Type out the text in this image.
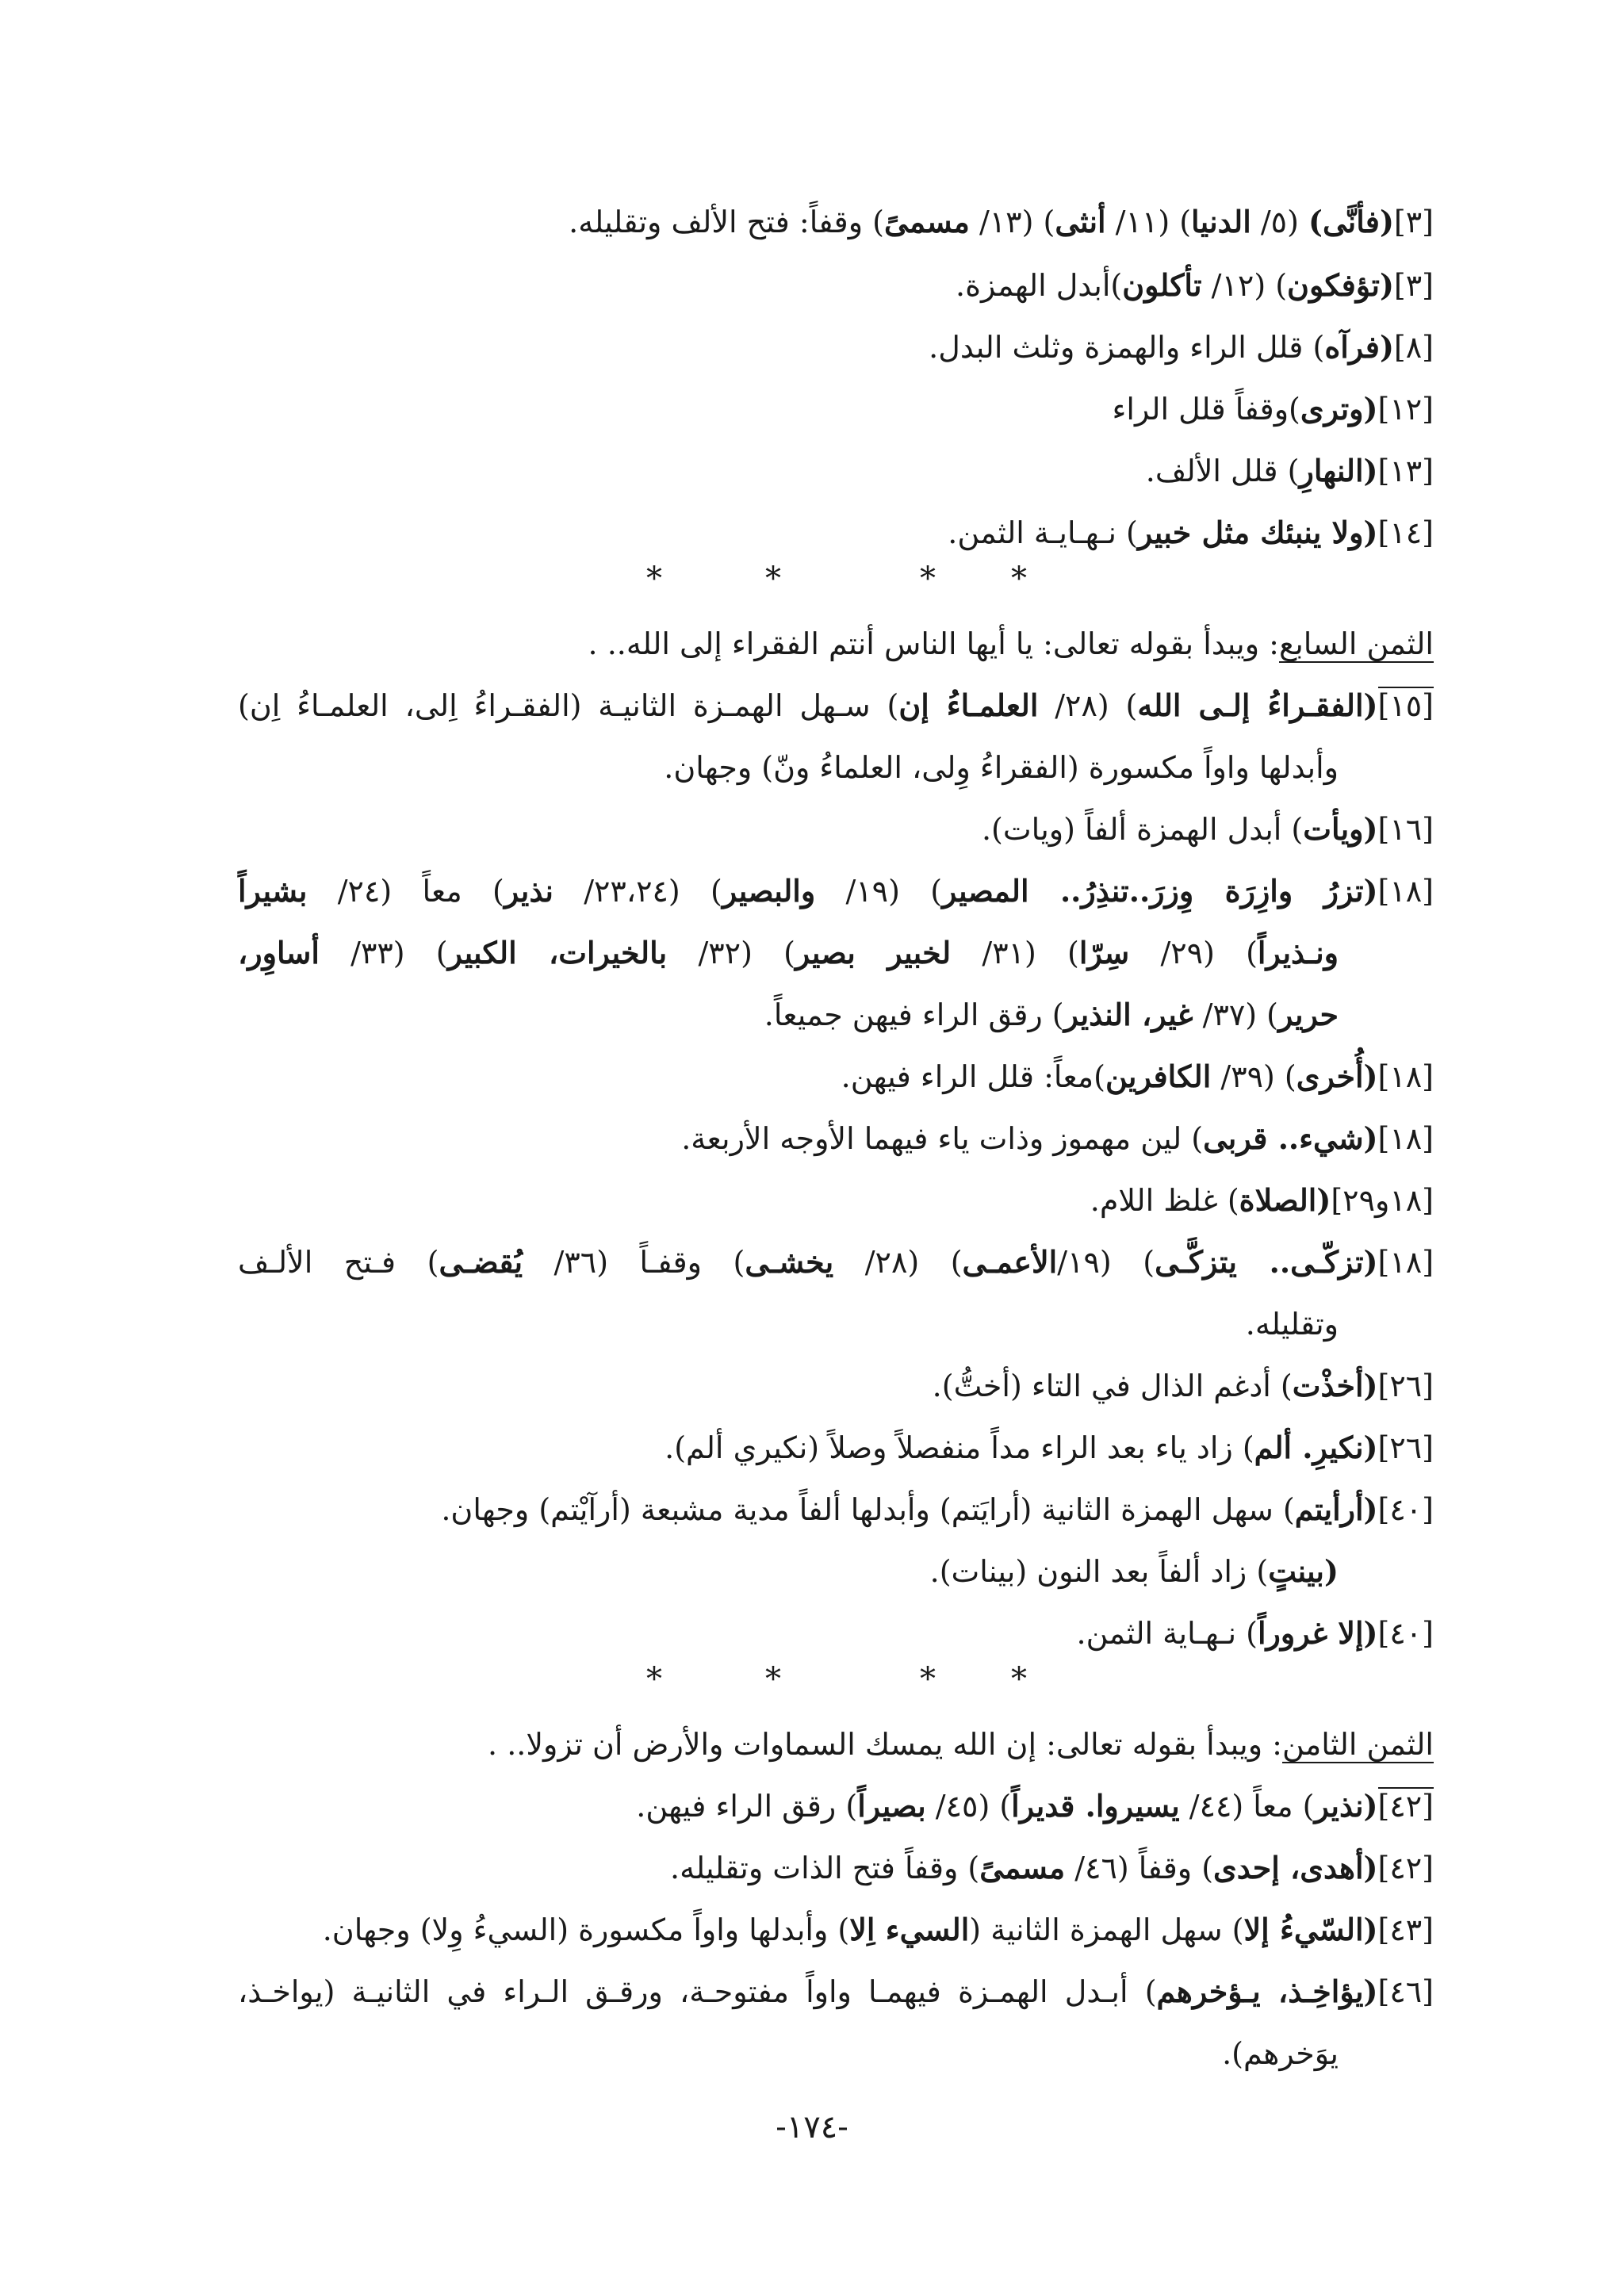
[٣](فأنَّى) (٥/ الدنيا) (١١/ أنثى) (١٣/ مسمىً) وقفاً: فتح الألف وتقليله.
[٣](تؤفكون) (١٢/ تأكلون)أبدل الهمزة.
[٨](فرآه) قلل الراء والهمزة وثلث البدل.
[١٢](وترى)وقفاً قلل الراء
[١٣](النهارِ) قلل الألف.
[١٤](ولا ينبئك مثل خبير) نـهـايـة الثمن.
*	*	* *
الثمن السابع: ويبدأ بقوله تعالى: يا أيها الناس أنتم الفقراء إلى الله.. .
[١٥](الفقـراءُ إلـى الله) (٢٨/ العلمـاءُ إن) سـهل الهمـزة الثانيـة (الفقـراءُ اِلى، العلمـاءُ اِن)
وأبدلها واواً مكسورة (الفقراءُ وِلى، العلماءُ ونّ) وجهان.
[١٦](ويأت) أبدل الهمزة ألفاً (ويات).
[١٨](تزرُ وازِرَة وِزرَ..تنذِرُ.. المصير) (١٩/ والبصير) (٢٣،٢٤/ نذير) معاً (٢٤/ بشيراً
ونـذيراً) (٢٩/ سِرّا) (٣١/ لخبير بصير) (٣٢/ بالخيرات، الكبير) (٣٣/ أساوِر،
حرير) (٣٧/ غير، النذير) رقق الراء فيهن جميعاً.
[١٨](أُخرى) (٣٩/ الكافرين)معاً: قلل الراء فيهن.
[١٨](شيء.. قربى) لين مهموز وذات ياء فيهما الأوجه الأربعة.
[١٨و٢٩](الصلاة) غلظ اللام.
[١٨](تزكّـى.. يتزكَّـى) (١٩/الأعمـى) (٢٨/ يخشـى) وقفـاً (٣٦/ يُقضـى) فـتح الألـف
وتقليله.
[٢٦](أخذْت) أدغم الذال في التاء (أختُّ).
[٢٦](نكيرِ. ألم) زاد ياء بعد الراء مداً منفصلاً وصلاً (نكيري ألم).
[٤٠](أرأيتم) سهل الهمزة الثانية (أرايَتم) وأبدلها ألفاً مدية مشبعة (أرآيْتم) وجهان.
(بينتٍ) زاد ألفاً بعد النون (بينات).
[٤٠](إلا غروراً) نـهـاية الثمن.
*	*	* *
الثمن الثامن: ويبدأ بقوله تعالى: إن الله يمسك السماوات والأرض أن تزولا.. .
[٤٢](نذير) معاً (٤٤/ يسيروا. قديراً) (٤٥/ بصيراً) رقق الراء فيهن.
[٤٢](أهدى، إحدى) وقفاً (٤٦/ مسمىً) وقفاً فتح الذات وتقليله.
[٤٣](السّيءُ إلا) سهل الهمزة الثانية (السيء اِلا) وأبدلها واواً مكسورة (السيءُ وِلا) وجهان.
[٤٦](يؤاخِـذ، يـؤخرهم) أبـدل الهمـزة فيهمـا واواً مفتوحـة، ورقـق الـراء في الثانيـة (يواخـذ،
يوَخرهم).
-١٧٤-
